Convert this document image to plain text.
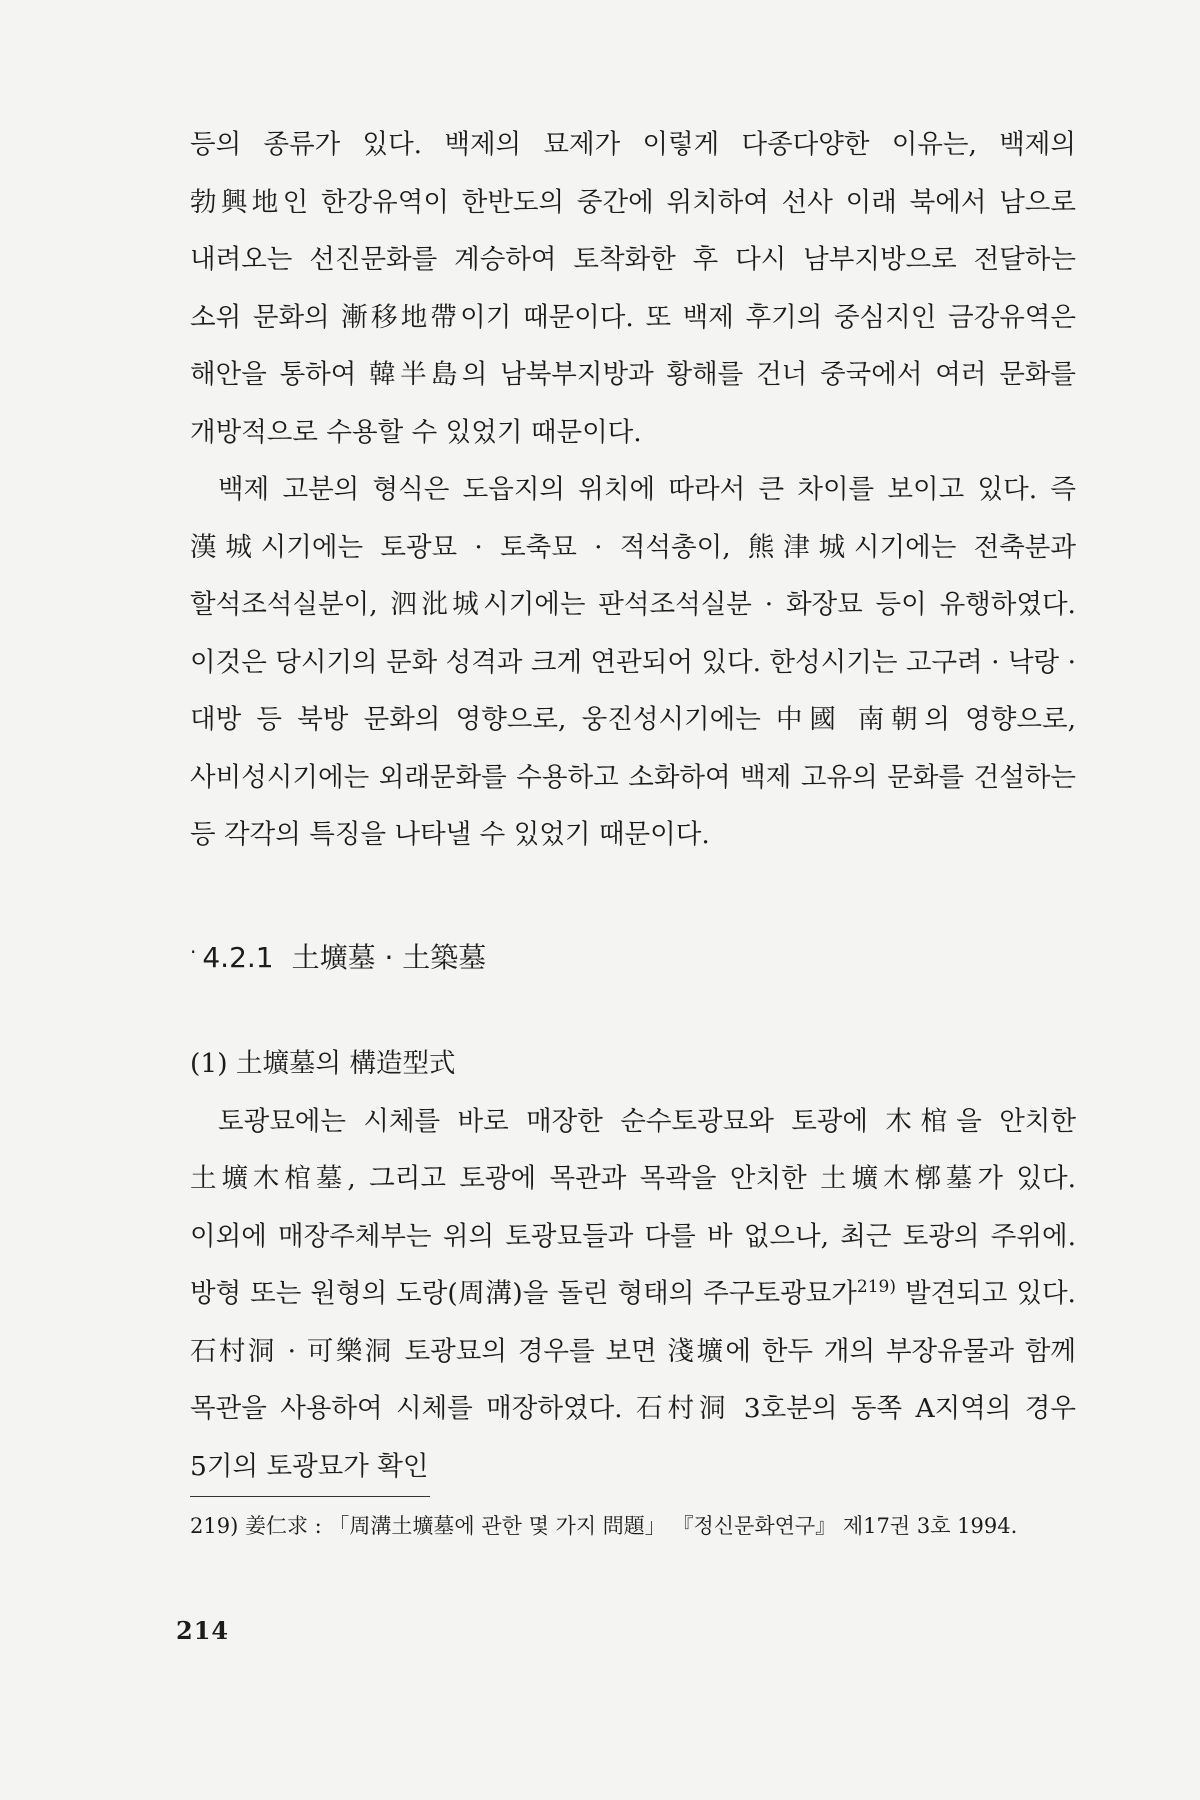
등의 종류가 있다. 백제의 묘제가 이렇게 다종다양한 이유는, 백제의 勃興地인 한강유역이 한반도의 중간에 위치하여 선사 이래 북에서 남으로 내려오는 선진문화를 계승하여 토착화한 후 다시 남부지방으로 전달하는 소위 문화의 漸移地帶이기 때문이다. 또 백제 후기의 중심지인 금강유역은 해안을 통하여 韓半島의 남북부지방과 황해를 건너 중국에서 여러 문화를 개방적으로 수용할 수 있었기 때문이다.

백제 고분의 형식은 도읍지의 위치에 따라서 큰 차이를 보이고 있다. 즉 漢城시기에는 토광묘 · 토축묘 · 적석총이, 熊津城시기에는 전축분과 할석조석실분이, 泗沘城시기에는 판석조석실분 · 화장묘 등이 유행하였다. 이것은 당시기의 문화 성격과 크게 연관되어 있다. 한성시기는 고구려 · 낙랑 · 대방 등 북방 문화의 영향으로, 웅진성시기에는 中國 南朝의 영향으로, 사비성시기에는 외래문화를 수용하고 소화하여 백제 고유의 문화를 건설하는 등 각각의 특징을 나타낼 수 있었기 때문이다.

· 4.2.1 土壙墓 · 土築墓
(1) 土壙墓의 構造型式

토광묘에는 시체를 바로 매장한 순수토광묘와 토광에 木棺을 안치한 土壙木棺墓, 그리고 토광에 목관과 목곽을 안치한 土壙木槨墓가 있다. 이외에 매장주체부는 위의 토광묘들과 다를 바 없으나, 최근 토광의 주위에. 방형 또는 원형의 도랑(周溝)을 돌린 형태의 주구토광묘가$^{219)}$ 발견되고 있다. 石村洞 · 可樂洞 토광묘의 경우를 보면 淺壙에 한두 개의 부장유물과 함께 목관을 사용하여 시체를 매장하였다. 石村洞 3호분의 동쪽 A지역의 경우 5기의 토광묘가 확인

219) 姜仁求 : 「周溝土壙墓에 관한 몇 가지 問題」 『정신문화연구』 제17권 3호 1994.
214
